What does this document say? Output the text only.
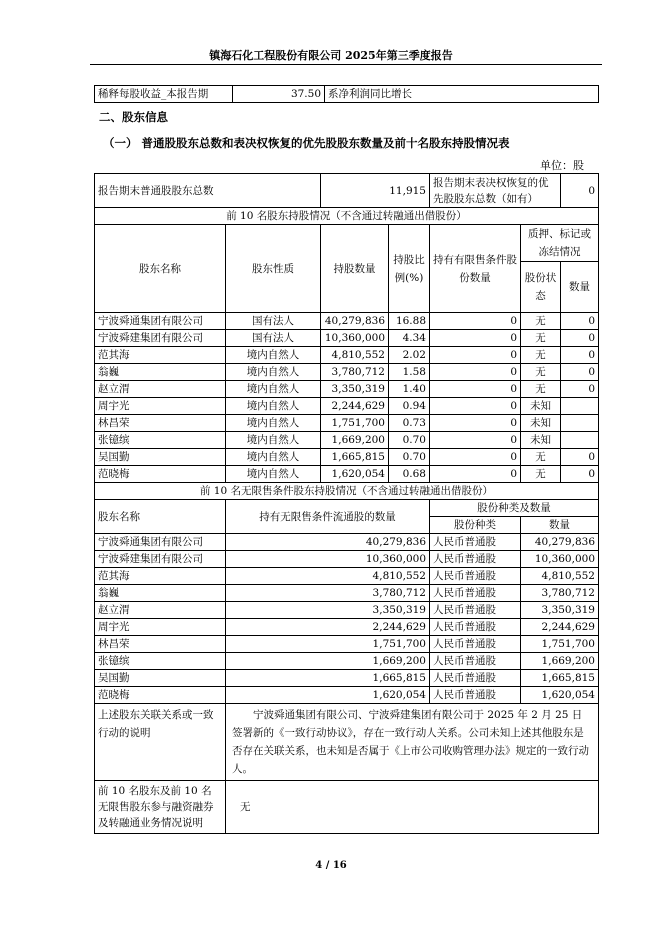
镇海石化工程股份有限公司 2025年第三季度报告
稀释每股收益_本报告期	37.50	系净利润同比增长
二、股东信息
（一） 普通股股东总数和表决权恢复的优先股股东数量及前十名股东持股情况表
单位：股
报告期末普通股股东总数		11,915		报告期末表决权恢复的优先股股东总数（如有）		0
前 10 名股东持股情况（不含通过转融通出借股份）						
股东名称	股东性质	持股数量	持股比例(%)	持有有限售条件股份数量	质押、标记或冻结情况	
					股份状态	数量
宁波舜通集团有限公司	国有法人	40,279,836	16.88	0	无	0
宁波舜建集团有限公司	国有法人	10,360,000	4.34	0	无	0
范其海	境内自然人	4,810,552	2.02	0	无	0
翁巍	境内自然人	3,780,712	1.58	0	无	0
赵立渭	境内自然人	3,350,319	1.40	0	无	0
周宇光	境内自然人	2,244,629	0.94	0	未知	
林昌荣	境内自然人	1,751,700	0.73	0	未知	
张镱缤	境内自然人	1,669,200	0.70	0	未知	
吴国勤	境内自然人	1,665,815	0.70	0	无	0
范晓梅	境内自然人	1,620,054	0.68	0	无	0
前 10 名无限售条件股东持股情况（不含通过转融通出借股份）						
股东名称	持有无限售条件流通股的数量			股份种类及数量		
				股份种类	数量	
宁波舜通集团有限公司	40,279,836			人民币普通股	40,279,836	
宁波舜建集团有限公司	10,360,000			人民币普通股	10,360,000	
范其海	4,810,552			人民币普通股	4,810,552	
翁巍	3,780,712			人民币普通股	3,780,712	
赵立渭	3,350,319			人民币普通股	3,350,319	
周宇光	2,244,629			人民币普通股	2,244,629	
林昌荣	1,751,700			人民币普通股	1,751,700	
张镱缤	1,669,200			人民币普通股	1,669,200	
吴国勤	1,665,815			人民币普通股	1,665,815	
范晓梅	1,620,054			人民币普通股	1,620,054	
上述股东关联关系或一致行动的说明	宁波舜通集团有限公司、宁波舜建集团有限公司于 2025 年 2 月 25 日签署新的《一致行动协议》，存在一致行动人关系。公司未知上述其他股东是否存在关联关系，也未知是否属于《上市公司收购管理办法》规定的一致行动人。					
前 10 名股东及前 10 名无限售股东参与融资融券及转融通业务情况说明	无					
4 / 16
